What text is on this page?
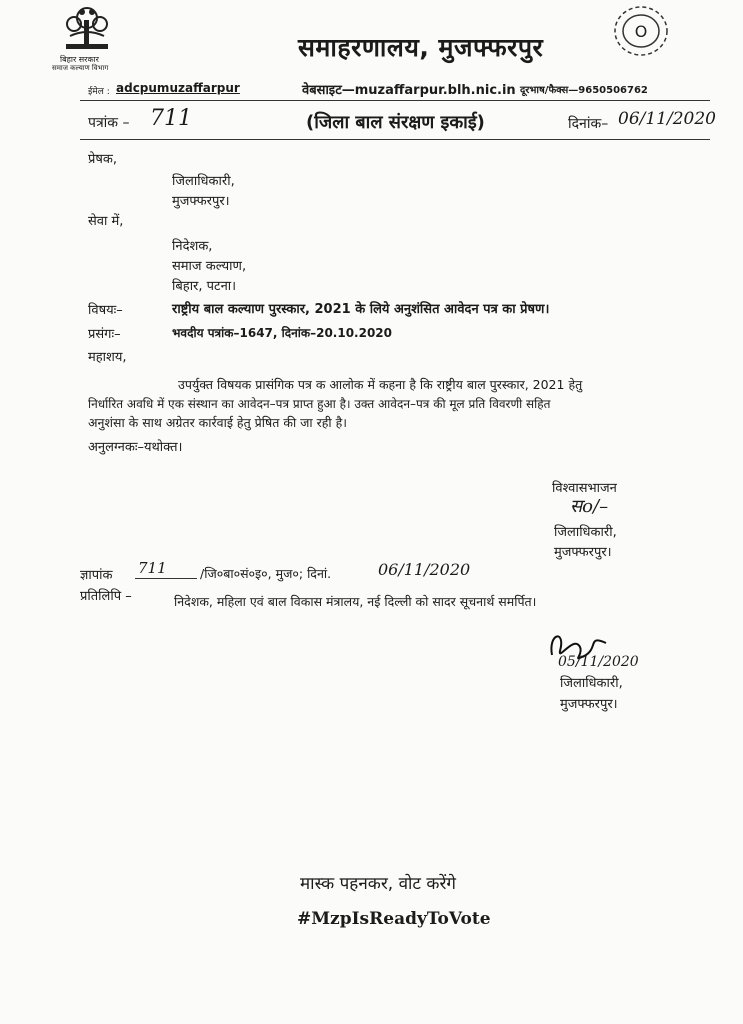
बिहार सरकार
समाज कल्याण विभाग
समाहरणालय, मुजफ्फरपुर
O
ईमेल : adcpumuzaffarpur	वेबसाइट—muzaffarpur.blh.nic.in दूरभाष/फैक्स—9650506762
पत्रांक – 711	(जिला बाल संरक्षण इकाई)	दिनांक– 06/11/2020
प्रेषक,
जिलाधिकारी,
मुजफ्फरपुर।
सेवा में,
निदेशक,
समाज कल्याण,
बिहार, पटना।
विषयः–	राष्ट्रीय बाल कल्याण पुरस्कार, 2021 के लिये अनुशंसित आवेदन पत्र का प्रेषण।
प्रसंगः–	भवदीय पत्रांक–1647, दिनांक–20.10.2020
महाशय,
उपर्युक्त विषयक प्रासंगिक पत्र क आलोक में कहना है कि राष्ट्रीय बाल पुरस्कार, 2021 हेतु
निर्धारित अवधि में एक संस्थान का आवेदन–पत्र प्राप्त हुआ है। उक्त आवेदन–पत्र की मूल प्रति विवरणी सहित
अनुशंसा के साथ अग्रेतर कार्रवाई हेतु प्रेषित की जा रही है।
अनुलग्नकः–यथोक्त।
विश्वासभाजन
सo/–
जिलाधिकारी,
मुजफ्फरपुर।
ज्ञापांक 711	/जि०बा०सं०इ०, मुज०; दिनां.	06/11/2020
प्रतिलिपि –	निदेशक, महिला एवं बाल विकास मंत्रालय, नई दिल्ली को सादर सूचनार्थ समर्पित।
05/11/2020
जिलाधिकारी,
मुजफ्फरपुर।
मास्क पहनकर, वोट करेंगे
#MzpIsReadyToVote
